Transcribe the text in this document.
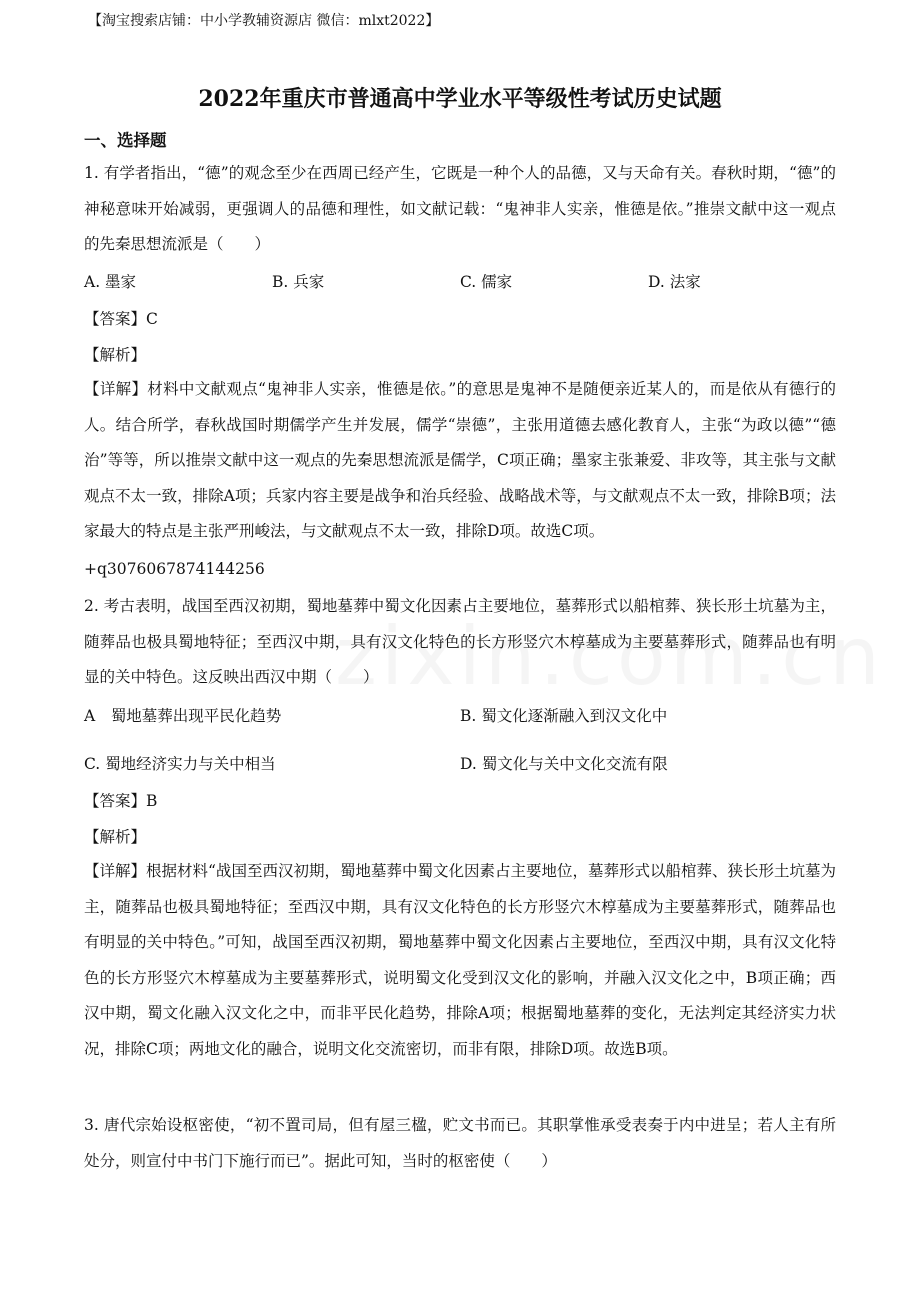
【淘宝搜索店铺：中小学教辅资源店 微信：mlxt2022】
2022年重庆市普通高中学业水平等级性考试历史试题
一、选择题
1. 有学者指出，“德”的观念至少在西周已经产生，它既是一种个人的品德，又与天命有关。春秋时期，“德”的神秘意味开始减弱，更强调人的品德和理性，如文献记载：“鬼神非人实亲，惟德是依。”推崇文献中这一观点的先秦思想流派是（　　）
A. 墨家	B. 兵家	C. 儒家	D. 法家
【答案】C
【解析】
【详解】材料中文献观点“鬼神非人实亲，惟德是依。”的意思是鬼神不是随便亲近某人的，而是依从有德行的人。结合所学，春秋战国时期儒学产生并发展，儒学“崇德”，主张用道德去感化教育人，主张“为政以德”“德治”等等，所以推崇文献中这一观点的先秦思想流派是儒学，C项正确；墨家主张兼爱、非攻等，其主张与文献观点不太一致，排除A项；兵家内容主要是战争和治兵经验、战略战术等，与文献观点不太一致，排除B项；法家最大的特点是主张严刑峻法，与文献观点不太一致，排除D项。故选C项。
+q3076067874144256
2. 考古表明，战国至西汉初期，蜀地墓葬中蜀文化因素占主要地位，墓葬形式以船棺葬、狭长形土坑墓为主，随葬品也极具蜀地特征；至西汉中期，具有汉文化特色的长方形竖穴木椁墓成为主要墓葬形式，随葬品也有明显的关中特色。这反映出西汉中期（　　）
A　蜀地墓葬出现平民化趋势	B. 蜀文化逐渐融入到汉文化中
C. 蜀地经济实力与关中相当	D. 蜀文化与关中文化交流有限
【答案】B
【解析】
【详解】根据材料“战国至西汉初期，蜀地墓葬中蜀文化因素占主要地位，墓葬形式以船棺葬、狭长形土坑墓为主，随葬品也极具蜀地特征；至西汉中期，具有汉文化特色的长方形竖穴木椁墓成为主要墓葬形式，随葬品也有明显的关中特色。”可知，战国至西汉初期，蜀地墓葬中蜀文化因素占主要地位，至西汉中期，具有汉文化特色的长方形竖穴木椁墓成为主要墓葬形式，说明蜀文化受到汉文化的影响，并融入汉文化之中，B项正确；西汉中期，蜀文化融入汉文化之中，而非平民化趋势，排除A项；根据蜀地墓葬的变化，无法判定其经济实力状况，排除C项；两地文化的融合，说明文化交流密切，而非有限，排除D项。故选B项。
3. 唐代宗始设枢密使，“初不置司局，但有屋三楹，贮文书而已。其职掌惟承受表奏于内中进呈；若人主有所处分，则宣付中书门下施行而已”。据此可知，当时的枢密使（　　）
